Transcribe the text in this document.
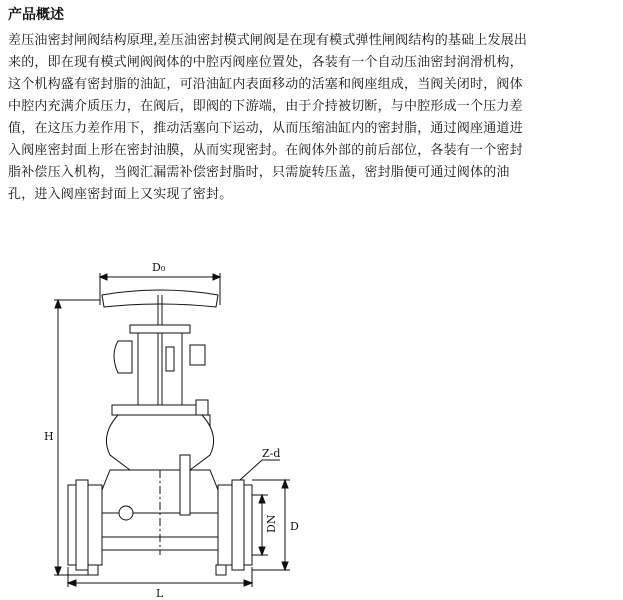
产品概述

差压油密封闸阀结构原理,差压油密封模式闸阀是在现有模式弹性闸阀结构的基础上发展出
来的，即在现有模式闸阀阀体的中腔丙阀座位置处，各装有一个自动压油密封润滑机构，
这个机构盛有密封脂的油缸，可沿油缸内表面移动的活塞和阀座组成，当阀关闭时，阀体
中腔内充满介质压力，在阀后，即阀的下游端，由于介持被切断，与中腔形成一个压力差
值，在这压力差作用下，推动活塞向下运动，从而压缩油缸内的密封脂，通过阀座通道进
入阀座密封面上形在密封油膜，从而实现密封。在阀体外部的前后部位，各装有一个密封
脂补偿压入机构，当阀汇漏需补偿密封脂时，只需旋转压盖，密封脂便可通过阀体的油
孔，进入阀座密封面上又实现了密封。

D₀
H
Z-d
DN D
L
